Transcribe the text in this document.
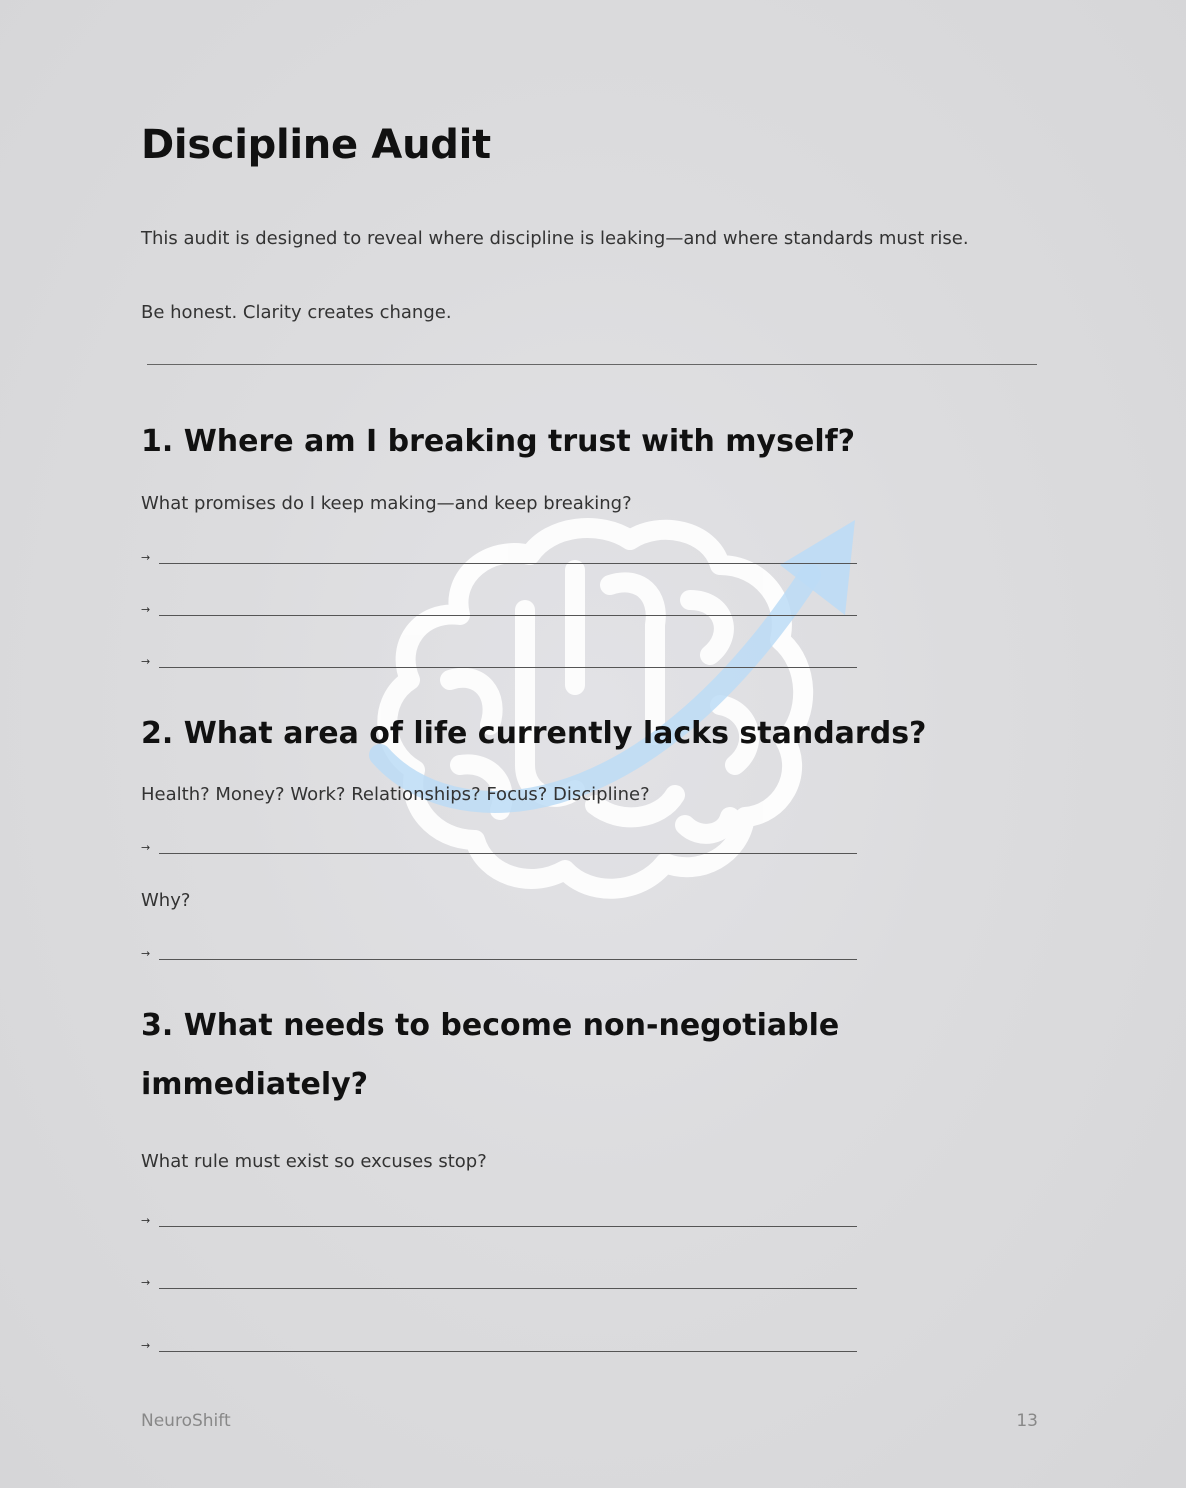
Discipline Audit

This audit is designed to reveal where discipline is leaking—and where standards must rise.

Be honest. Clarity creates change.

1. Where am I breaking trust with myself?

What promises do I keep making—and keep breaking?

→
→
→
2. What area of life currently lacks standards?

Health? Money? Work? Relationships? Focus? Discipline?

→

Why?

→
3. What needs to become non-negotiable
immediately?

What rule must exist so excuses stop?

→
→
→

NeuroShift	13
